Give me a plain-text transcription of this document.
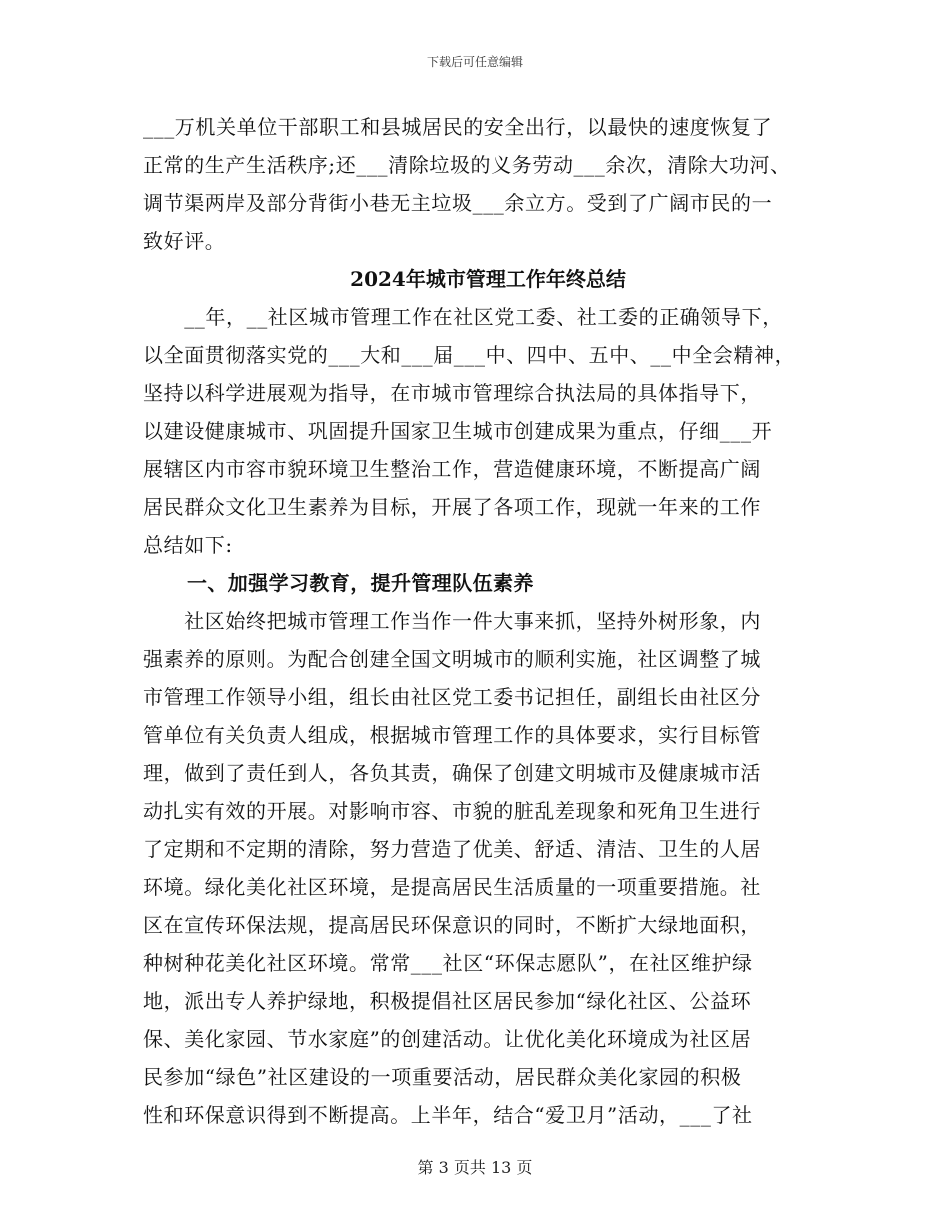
下载后可任意编辑
___万机关单位干部职工和县城居民的安全出行，以最快的速度恢复了
正常的生产生活秩序;还___清除垃圾的义务劳动___余次，清除大功河、
调节渠两岸及部分背街小巷无主垃圾___余立方。受到了广阔市民的一
致好评。
2024年城市管理工作年终总结
　　__年，__社区城市管理工作在社区党工委、社工委的正确领导下，
以全面贯彻落实党的___大和___届___中、四中、五中、__中全会精神，
坚持以科学进展观为指导，在市城市管理综合执法局的具体指导下，
以建设健康城市、巩固提升国家卫生城市创建成果为重点，仔细___开
展辖区内市容市貌环境卫生整治工作，营造健康环境，不断提高广阔
居民群众文化卫生素养为目标，开展了各项工作，现就一年来的工作
总结如下:
一、加强学习教育，提升管理队伍素养
　　社区始终把城市管理工作当作一件大事来抓，坚持外树形象，内
强素养的原则。为配合创建全国文明城市的顺利实施，社区调整了城
市管理工作领导小组，组长由社区党工委书记担任，副组长由社区分
管单位有关负责人组成，根据城市管理工作的具体要求，实行目标管
理，做到了责任到人，各负其责，确保了创建文明城市及健康城市活
动扎实有效的开展。对影响市容、市貌的脏乱差现象和死角卫生进行
了定期和不定期的清除，努力营造了优美、舒适、清洁、卫生的人居
环境。绿化美化社区环境，是提高居民生活质量的一项重要措施。社
区在宣传环保法规，提高居民环保意识的同时，不断扩大绿地面积，
种树种花美化社区环境。常常___社区“环保志愿队”，在社区维护绿
地，派出专人养护绿地，积极提倡社区居民参加“绿化社区、公益环
保、美化家园、节水家庭”的创建活动。让优化美化环境成为社区居
民参加“绿色”社区建设的一项重要活动，居民群众美化家园的积极
性和环保意识得到不断提高。上半年，结合“爱卫月”活动，___了社
第 3 页共 13 页
